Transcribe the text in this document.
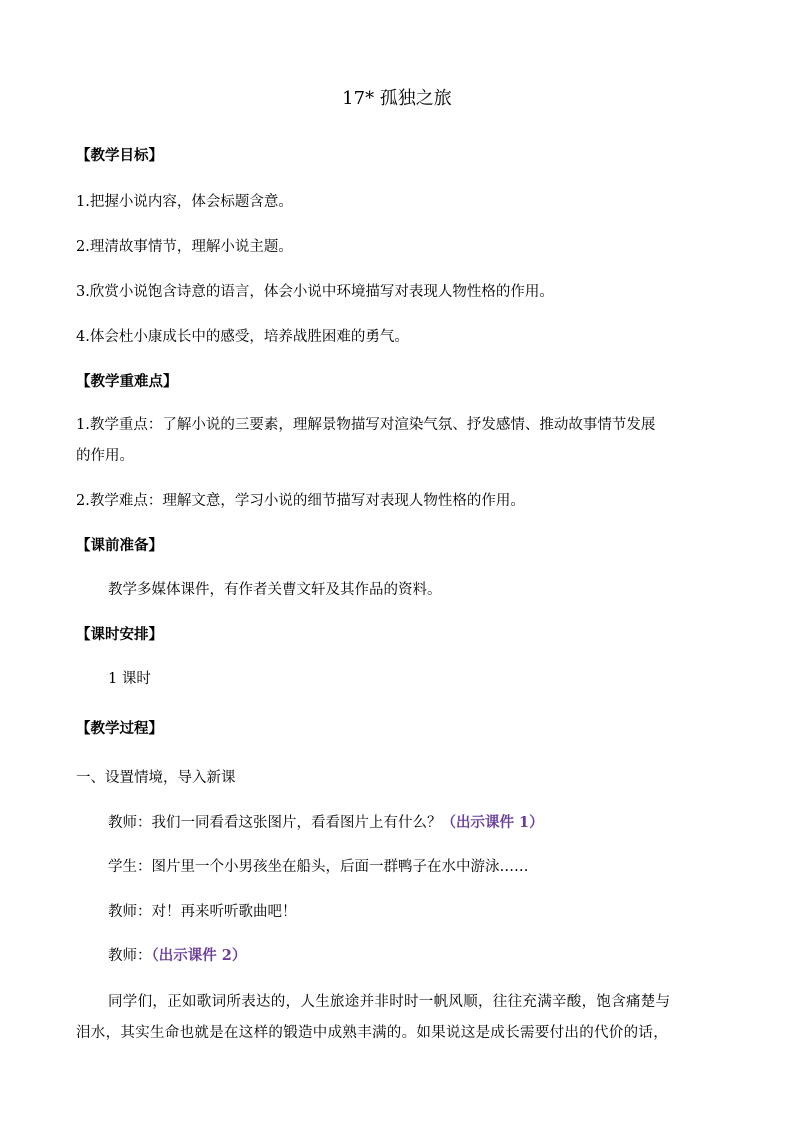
17* 孤独之旅
【教学目标】
1.把握小说内容，体会标题含意。
2.理清故事情节，理解小说主题。
3.欣赏小说饱含诗意的语言，体会小说中环境描写对表现人物性格的作用。
4.体会杜小康成长中的感受，培养战胜困难的勇气。
【教学重难点】
1.教学重点：了解小说的三要素，理解景物描写对渲染气氛、抒发感情、推动故事情节发展
的作用。
2.教学难点：理解文意，学习小说的细节描写对表现人物性格的作用。
【课前准备】
教学多媒体课件，有作者关曹文轩及其作品的资料。
【课时安排】
1 课时
【教学过程】
一、设置情境，导入新课
教师：我们一同看看这张图片，看看图片上有什么？（出示课件 1）
学生：图片里一个小男孩坐在船头，后面一群鸭子在水中游泳……
教师：对！再来听听歌曲吧！
教师：（出示课件 2）
同学们，正如歌词所表达的，人生旅途并非时时一帆风顺，往往充满辛酸，饱含痛楚与
泪水，其实生命也就是在这样的锻造中成熟丰满的。如果说这是成长需要付出的代价的话，
